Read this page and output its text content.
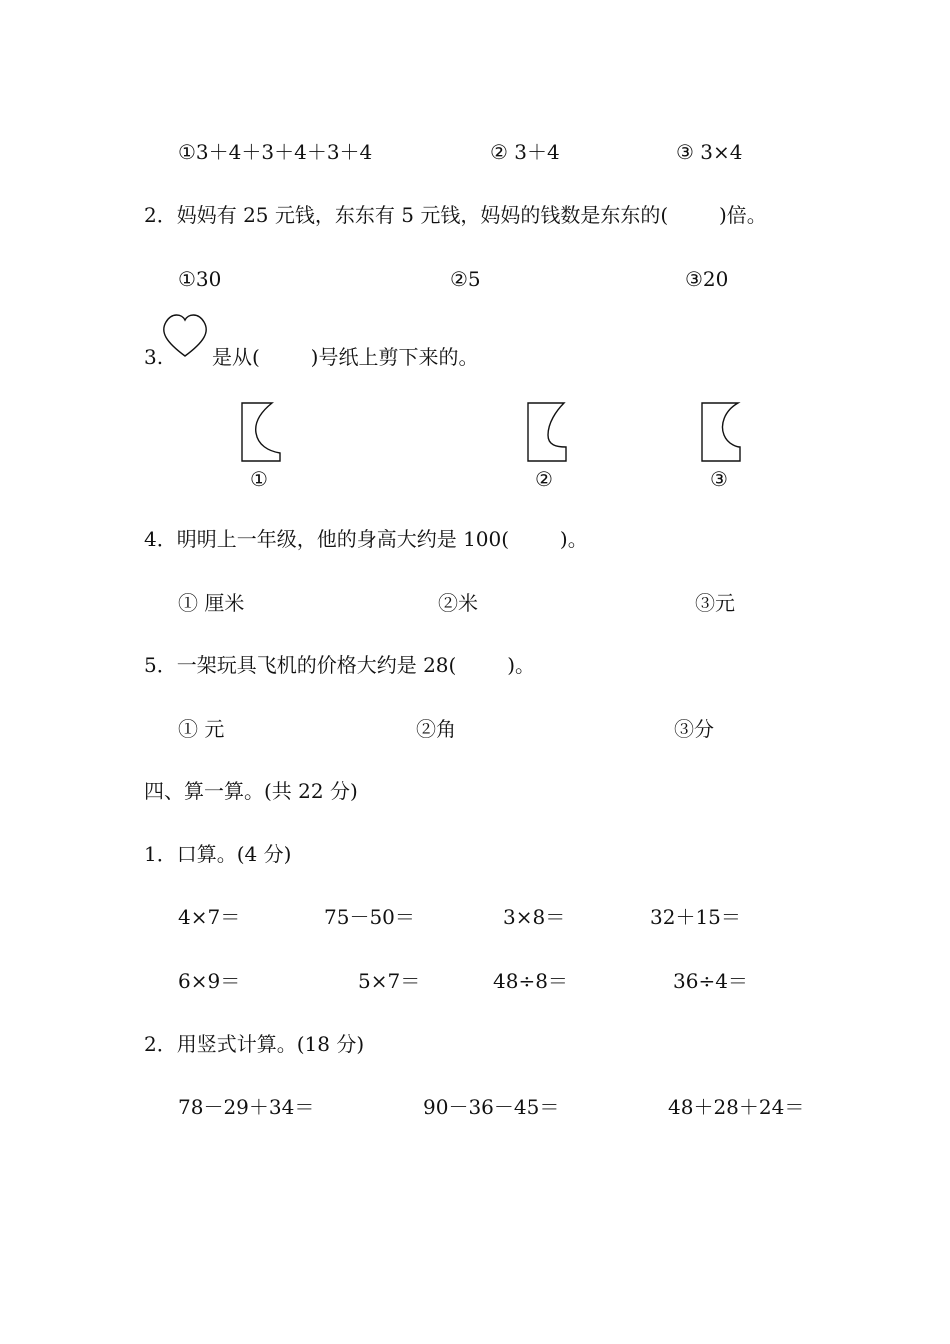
①3＋4＋3＋4＋3＋4	② 3＋4	③ 3×4
2．妈妈有 25 元钱，东东有 5 元钱，妈妈的钱数是东东的(        )倍。
①30	②5	③20
3. 是从(        )号纸上剪下来的。
①	②	③
4．明明上一年级，他的身高大约是 100(        )。
① 厘米	②米	③元
5．一架玩具飞机的价格大约是 28(        )。
① 元	②角	③分
四、算一算。(共 22 分)
1．口算。(4 分)
4×7＝	75－50＝	3×8＝	32＋15＝
6×9＝	5×7＝	48÷8＝	36÷4＝
2．用竖式计算。(18 分)
78－29＋34＝	90－36－45＝	48＋28＋24＝
